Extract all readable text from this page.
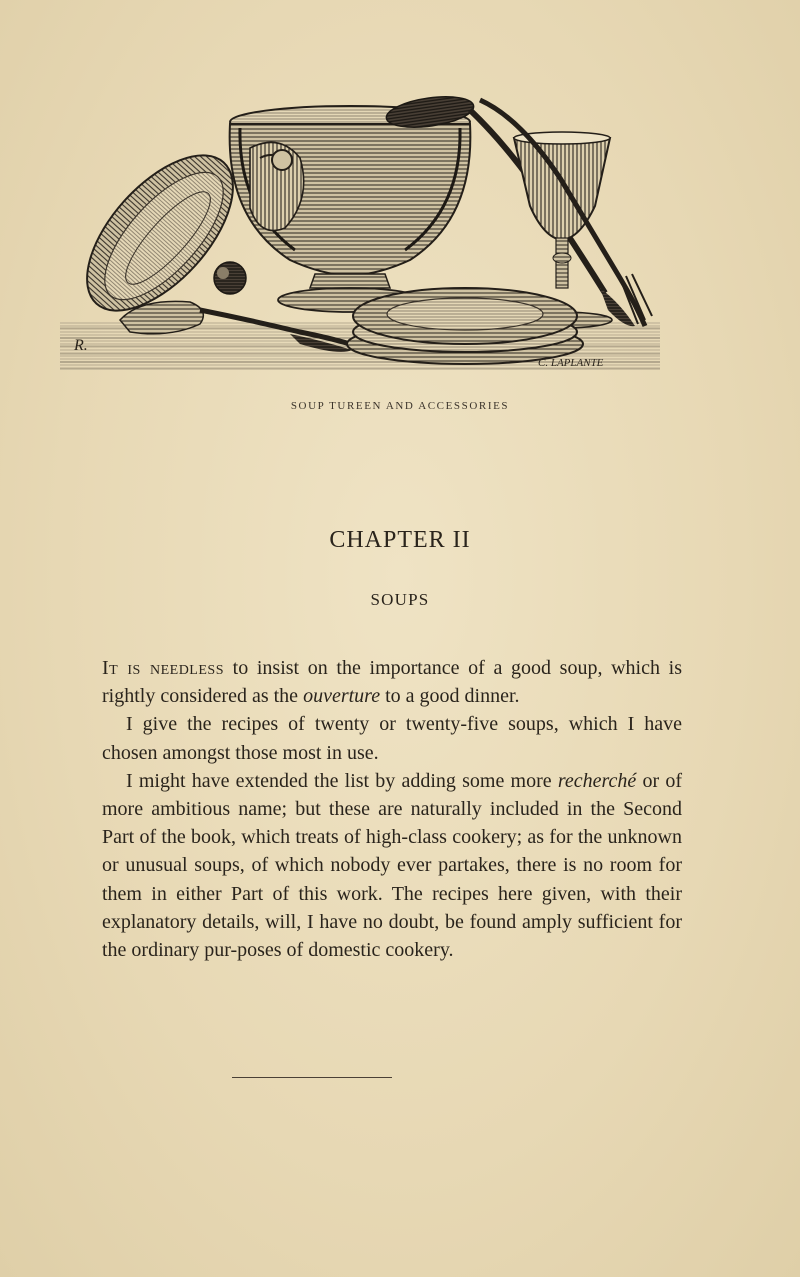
R.
C. LAPLANTE
SOUP TUREEN AND ACCESSORIES
CHAPTER II
SOUPS

It is needless to insist on the importance of a good soup, which is rightly considered as the ouverture to a good dinner.

I give the recipes of twenty or twenty-five soups, which I have chosen amongst those most in use.

I might have extended the list by adding some more recherché or of more ambitious name; but these are naturally included in the Second Part of the book, which treats of high-class cookery; as for the unknown or unusual soups, of which nobody ever partakes, there is no room for them in either Part of this work. The recipes here given, with their explanatory details, will, I have no doubt, be found amply sufficient for the ordinary pur-poses of domestic cookery.
